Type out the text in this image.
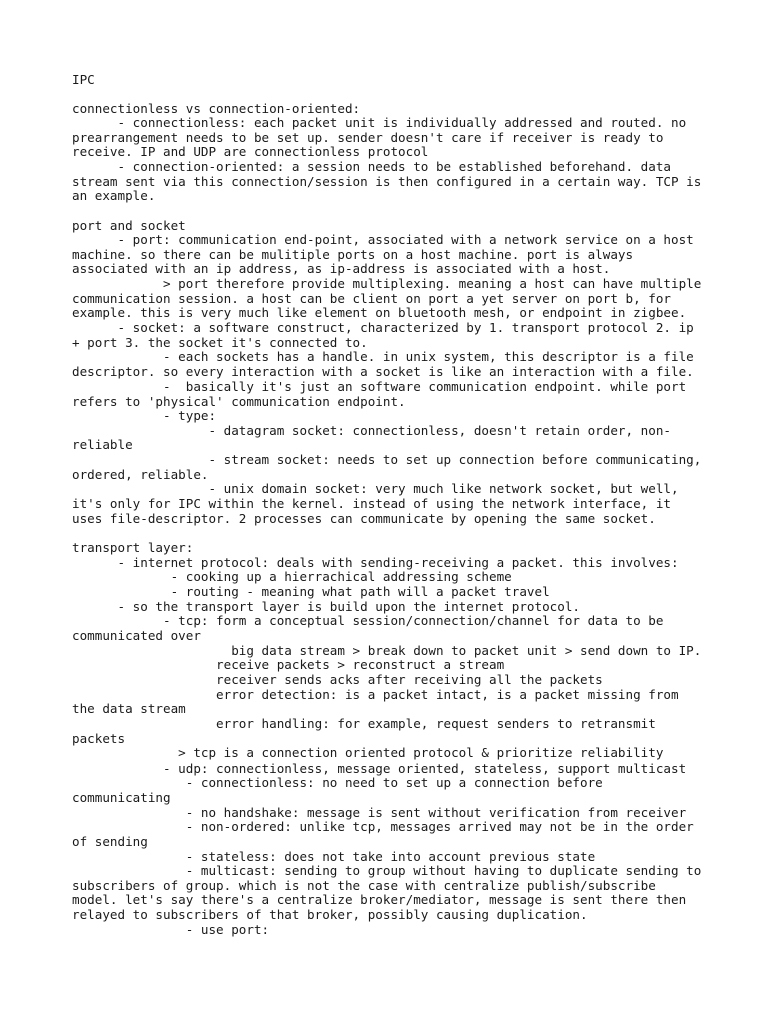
IPC
connectionless vs connection-oriented:
- connectionless: each packet unit is individually addressed and routed. no
prearrangement needs to be set up. sender doesn't care if receiver is ready to
receive. IP and UDP are connectionless protocol
- connection-oriented: a session needs to be established beforehand. data
stream sent via this connection/session is then configured in a certain way. TCP is
an example.
port and socket
- port: communication end-point, associated with a network service on a host
machine. so there can be mulitiple ports on a host machine. port is always
associated with an ip address, as ip-address is associated with a host.
> port therefore provide multiplexing. meaning a host can have multiple
communication session. a host can be client on port a yet server on port b, for
example. this is very much like element on bluetooth mesh, or endpoint in zigbee.
- socket: a software construct, characterized by 1. transport protocol 2. ip
+ port 3. the socket it's connected to.
- each sockets has a handle. in unix system, this descriptor is a file
descriptor. so every interaction with a socket is like an interaction with a file.
-  basically it's just an software communication endpoint. while port
refers to 'physical' communication endpoint.
- type:
- datagram socket: connectionless, doesn't retain order, non-
reliable
- stream socket: needs to set up connection before communicating,
ordered, reliable.
- unix domain socket: very much like network socket, but well,
it's only for IPC within the kernel. instead of using the network interface, it
uses file-descriptor. 2 processes can communicate by opening the same socket.
transport layer:
- internet protocol: deals with sending-receiving a packet. this involves:
- cooking up a hierrachical addressing scheme
- routing - meaning what path will a packet travel
- so the transport layer is build upon the internet protocol.
- tcp: form a conceptual session/connection/channel for data to be
communicated over
big data stream > break down to packet unit > send down to IP.
receive packets > reconstruct a stream
receiver sends acks after receiving all the packets
error detection: is a packet intact, is a packet missing from
the data stream
error handling: for example, request senders to retransmit
packets
> tcp is a connection oriented protocol & prioritize reliability
- udp: connectionless, message oriented, stateless, support multicast
- connectionless: no need to set up a connection before
communicating
- no handshake: message is sent without verification from receiver
- non-ordered: unlike tcp, messages arrived may not be in the order
of sending
- stateless: does not take into account previous state
- multicast: sending to group without having to duplicate sending to
subscribers of group. which is not the case with centralize publish/subscribe
model. let's say there's a centralize broker/mediator, message is sent there then
relayed to subscribers of that broker, possibly causing duplication.
- use port:
